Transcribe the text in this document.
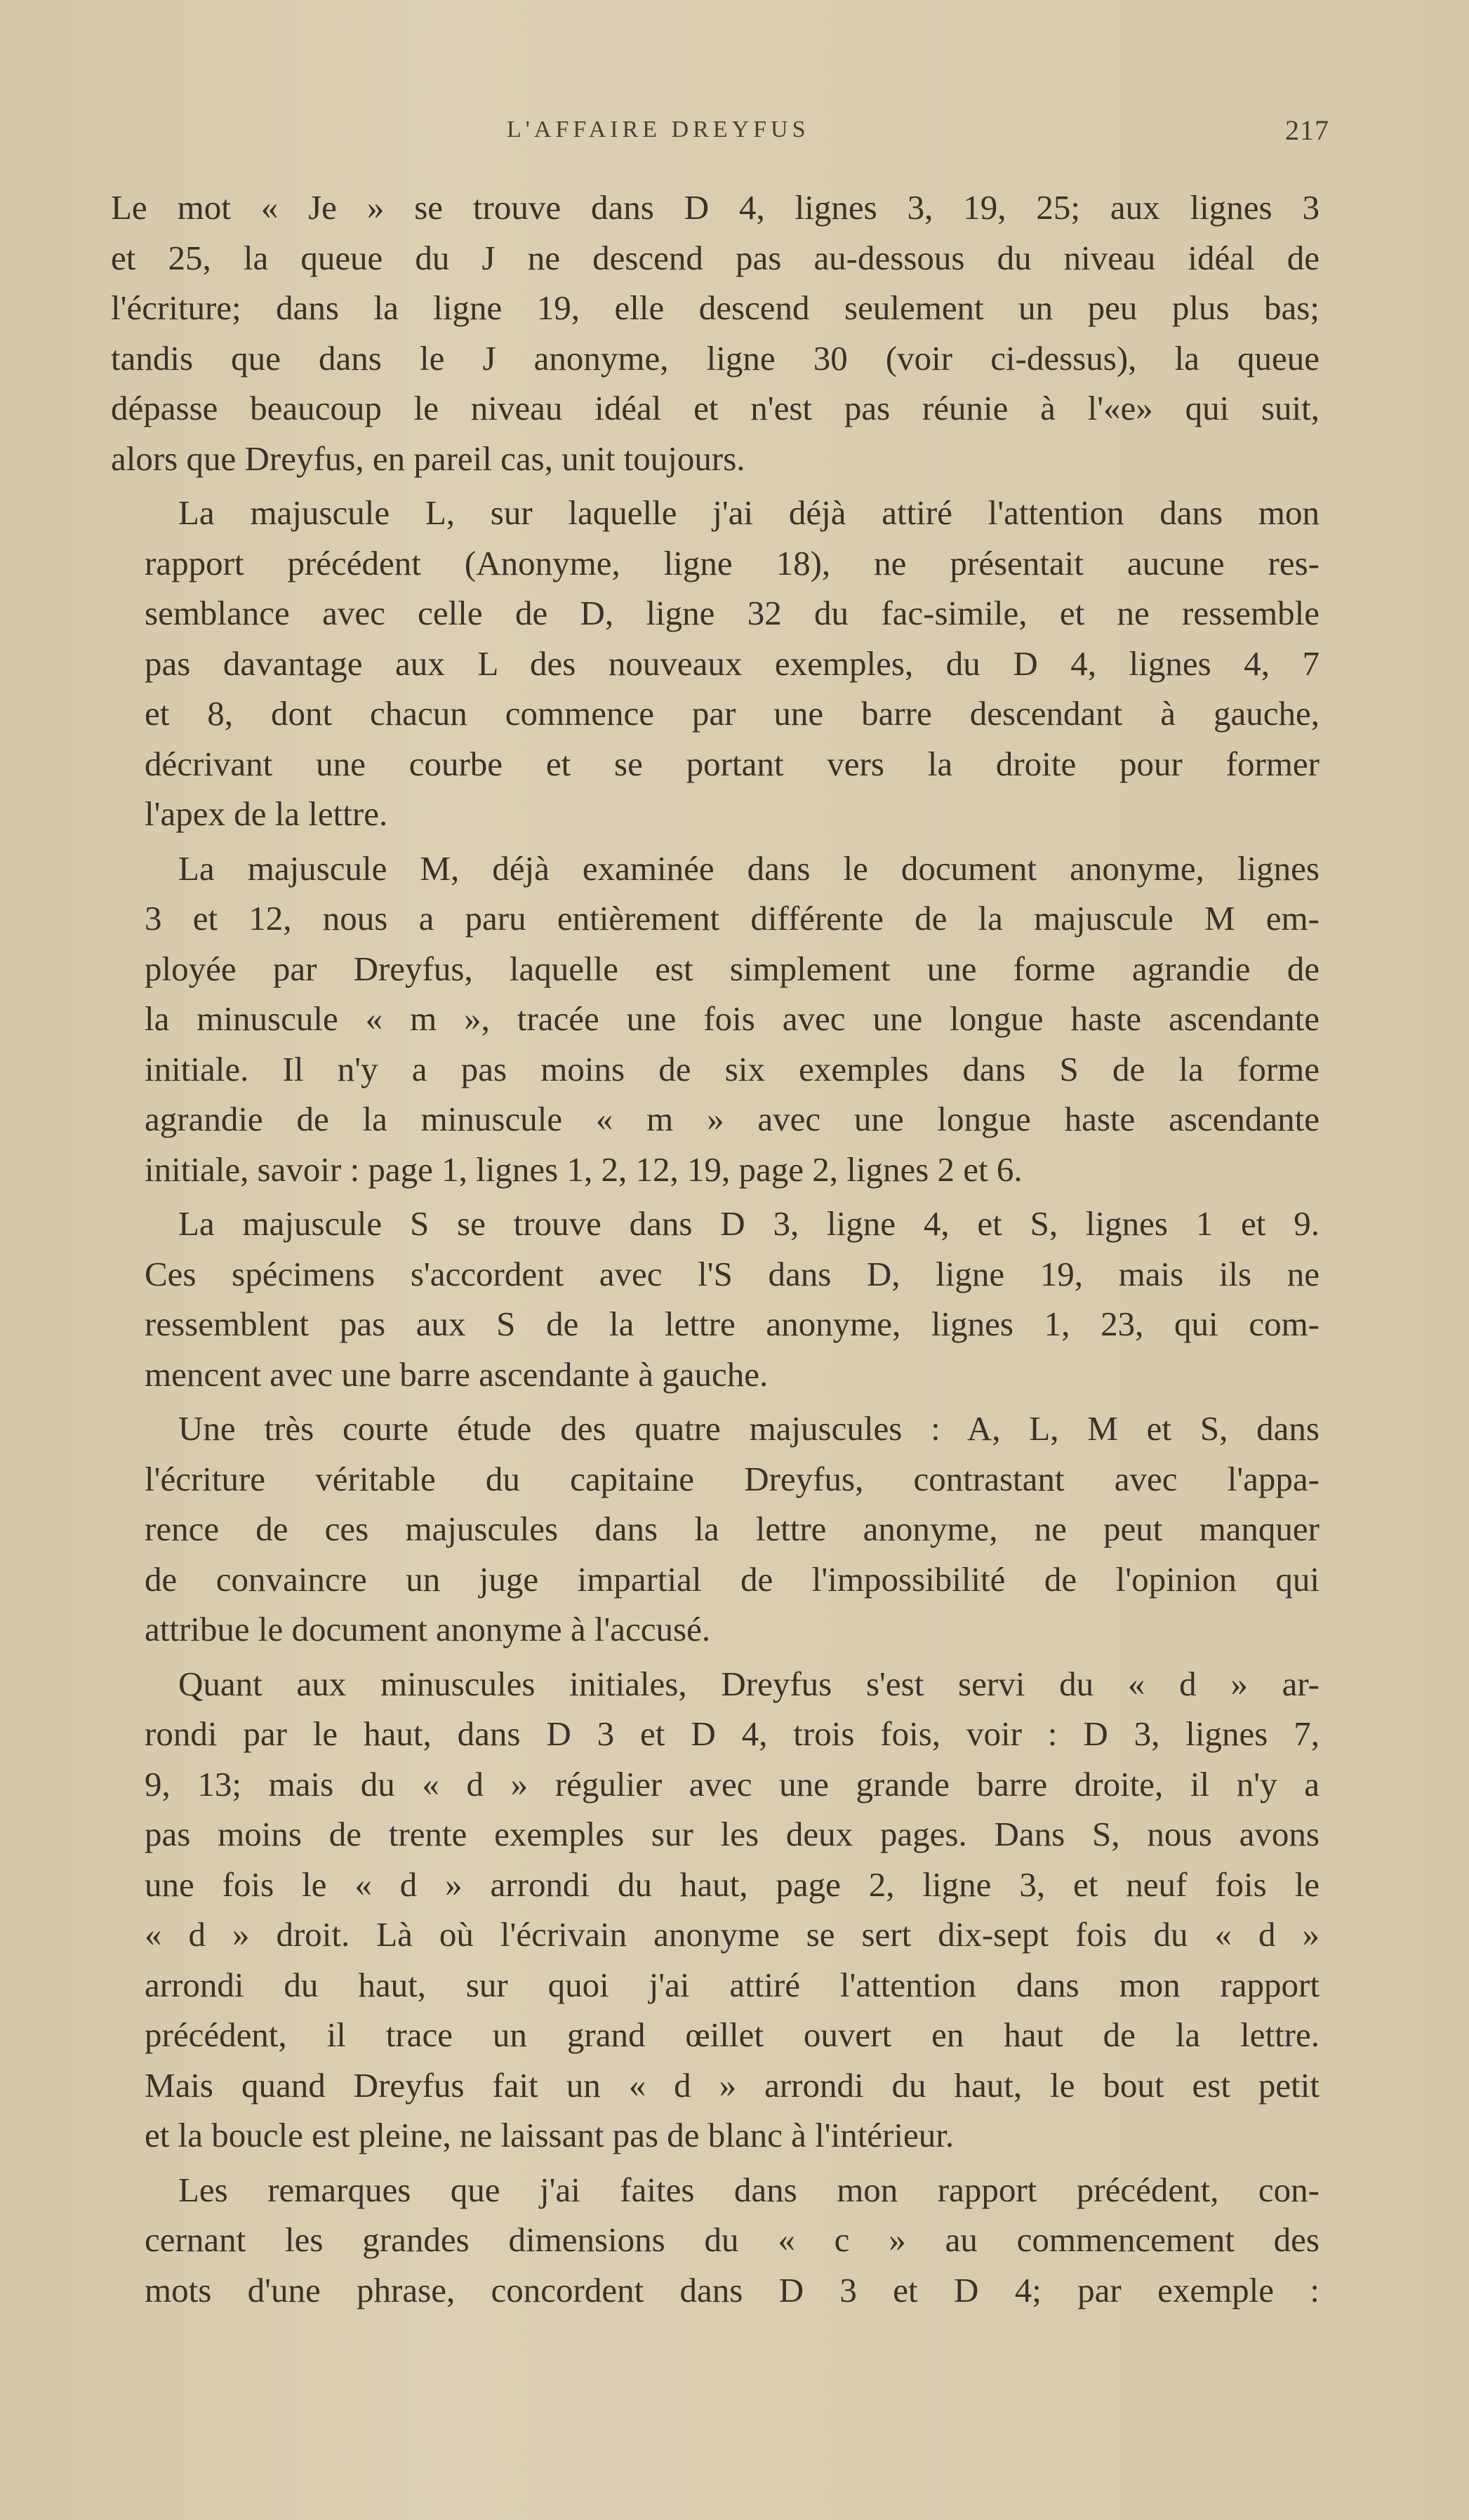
L'AFFAIRE DREYFUS	217

Le mot « Je » se trouve dans D 4, lignes 3, 19, 25; aux lignes 3
et 25, la queue du J ne descend pas au-dessous du niveau idéal de
l'écriture; dans la ligne 19, elle descend seulement un peu plus bas;
tandis que dans le J anonyme, ligne 30 (voir ci-dessus), la queue
dépasse beaucoup le niveau idéal et n'est pas réunie à l'«e» qui suit,
alors que Dreyfus, en pareil cas, unit toujours.

La majuscule L, sur laquelle j'ai déjà attiré l'attention dans mon
rapport précédent (Anonyme, ligne 18), ne présentait aucune res-
semblance avec celle de D, ligne 32 du fac-simile, et ne ressemble
pas davantage aux L des nouveaux exemples, du D 4, lignes 4, 7
et 8, dont chacun commence par une barre descendant à gauche,
décrivant une courbe et se portant vers la droite pour former
l'apex de la lettre.

La majuscule M, déjà examinée dans le document anonyme, lignes
3 et 12, nous a paru entièrement différente de la majuscule M em-
ployée par Dreyfus, laquelle est simplement une forme agrandie de
la minuscule « m », tracée une fois avec une longue haste ascendante
initiale. Il n'y a pas moins de six exemples dans S de la forme
agrandie de la minuscule « m » avec une longue haste ascendante
initiale, savoir : page 1, lignes 1, 2, 12, 19, page 2, lignes 2 et 6.

La majuscule S se trouve dans D 3, ligne 4, et S, lignes 1 et 9.
Ces spécimens s'accordent avec l'S dans D, ligne 19, mais ils ne
ressemblent pas aux S de la lettre anonyme, lignes 1, 23, qui com-
mencent avec une barre ascendante à gauche.

Une très courte étude des quatre majuscules : A, L, M et S, dans
l'écriture véritable du capitaine Dreyfus, contrastant avec l'appa-
rence de ces majuscules dans la lettre anonyme, ne peut manquer
de convaincre un juge impartial de l'impossibilité de l'opinion qui
attribue le document anonyme à l'accusé.

Quant aux minuscules initiales, Dreyfus s'est servi du « d » ar-
rondi par le haut, dans D 3 et D 4, trois fois, voir : D 3, lignes 7,
9, 13; mais du « d » régulier avec une grande barre droite, il n'y a
pas moins de trente exemples sur les deux pages. Dans S, nous avons
une fois le « d » arrondi du haut, page 2, ligne 3, et neuf fois le
« d » droit. Là où l'écrivain anonyme se sert dix-sept fois du « d »
arrondi du haut, sur quoi j'ai attiré l'attention dans mon rapport
précédent, il trace un grand œillet ouvert en haut de la lettre.
Mais quand Dreyfus fait un « d » arrondi du haut, le bout est petit
et la boucle est pleine, ne laissant pas de blanc à l'intérieur.

Les remarques que j'ai faites dans mon rapport précédent, con-
cernant les grandes dimensions du « c » au commencement des
mots d'une phrase, concordent dans D 3 et D 4; par exemple :
